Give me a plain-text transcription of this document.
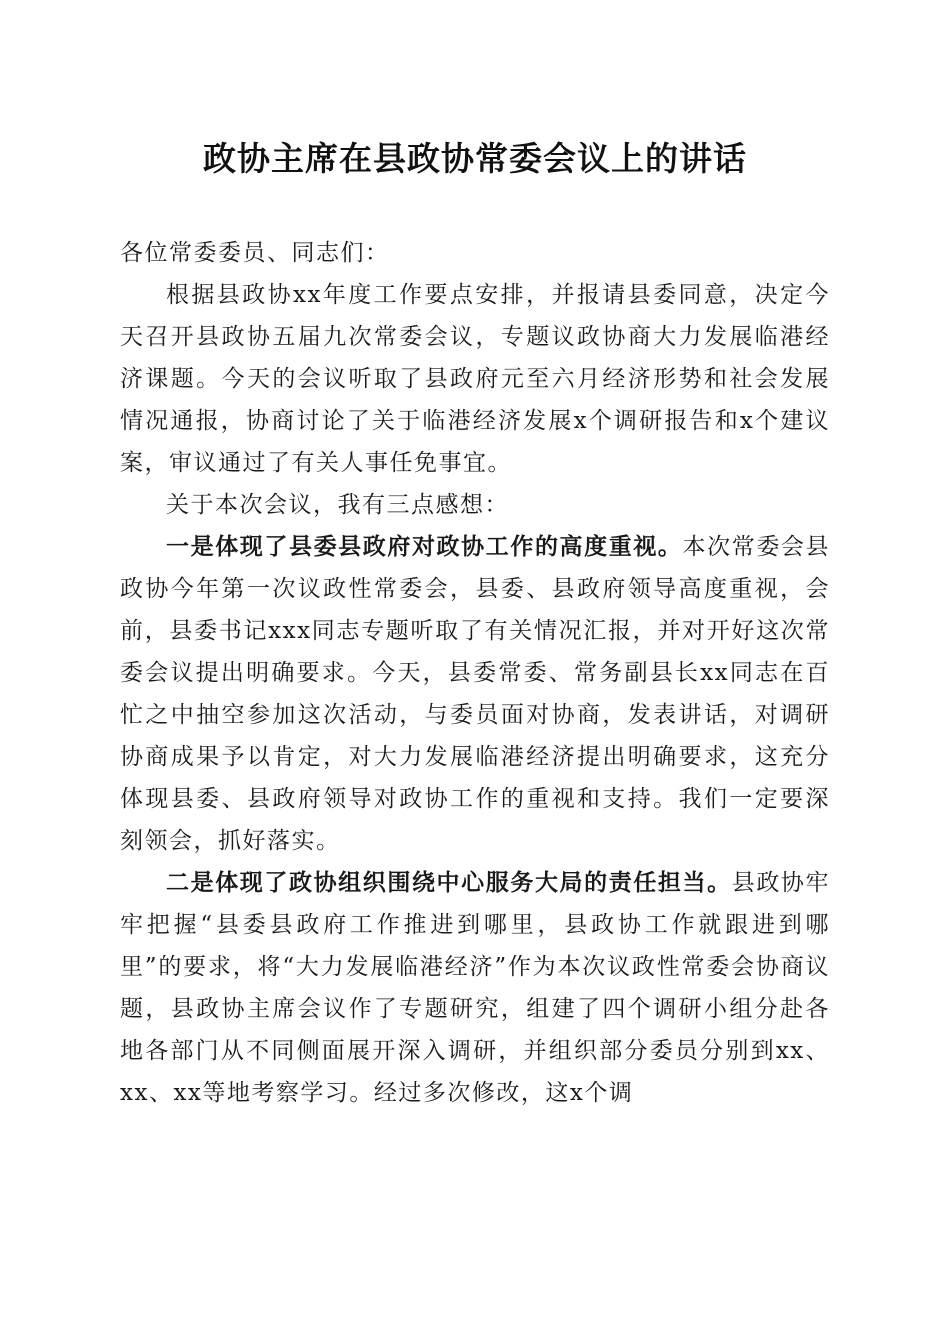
政协主席在县政协常委会议上的讲话

各位常委委员、同志们：

根据县政协xx年度工作要点安排，并报请县委同意，决定今天召开县政协五届九次常委会议，专题议政协商大力发展临港经济课题。今天的会议听取了县政府元至六月经济形势和社会发展情况通报，协商讨论了关于临港经济发展x个调研报告和x个建议案，审议通过了有关人事任免事宜。

关于本次会议，我有三点感想：

一是体现了县委县政府对政协工作的高度重视。本次常委会县政协今年第一次议政性常委会，县委、县政府领导高度重视，会前，县委书记xxx同志专题听取了有关情况汇报，并对开好这次常委会议提出明确要求。今天，县委常委、常务副县长xx同志在百忙之中抽空参加这次活动，与委员面对协商，发表讲话，对调研协商成果予以肯定，对大力发展临港经济提出明确要求，这充分体现县委、县政府领导对政协工作的重视和支持。我们一定要深刻领会，抓好落实。

二是体现了政协组织围绕中心服务大局的责任担当。县政协牢牢把握“县委县政府工作推进到哪里，县政协工作就跟进到哪里”的要求，将“大力发展临港经济”作为本次议政性常委会协商议题，县政协主席会议作了专题研究，组建了四个调研小组分赴各地各部门从不同侧面展开深入调研，并组织部分委员分别到xx、xx、xx等地考察学习。经过多次修改，这x个调
